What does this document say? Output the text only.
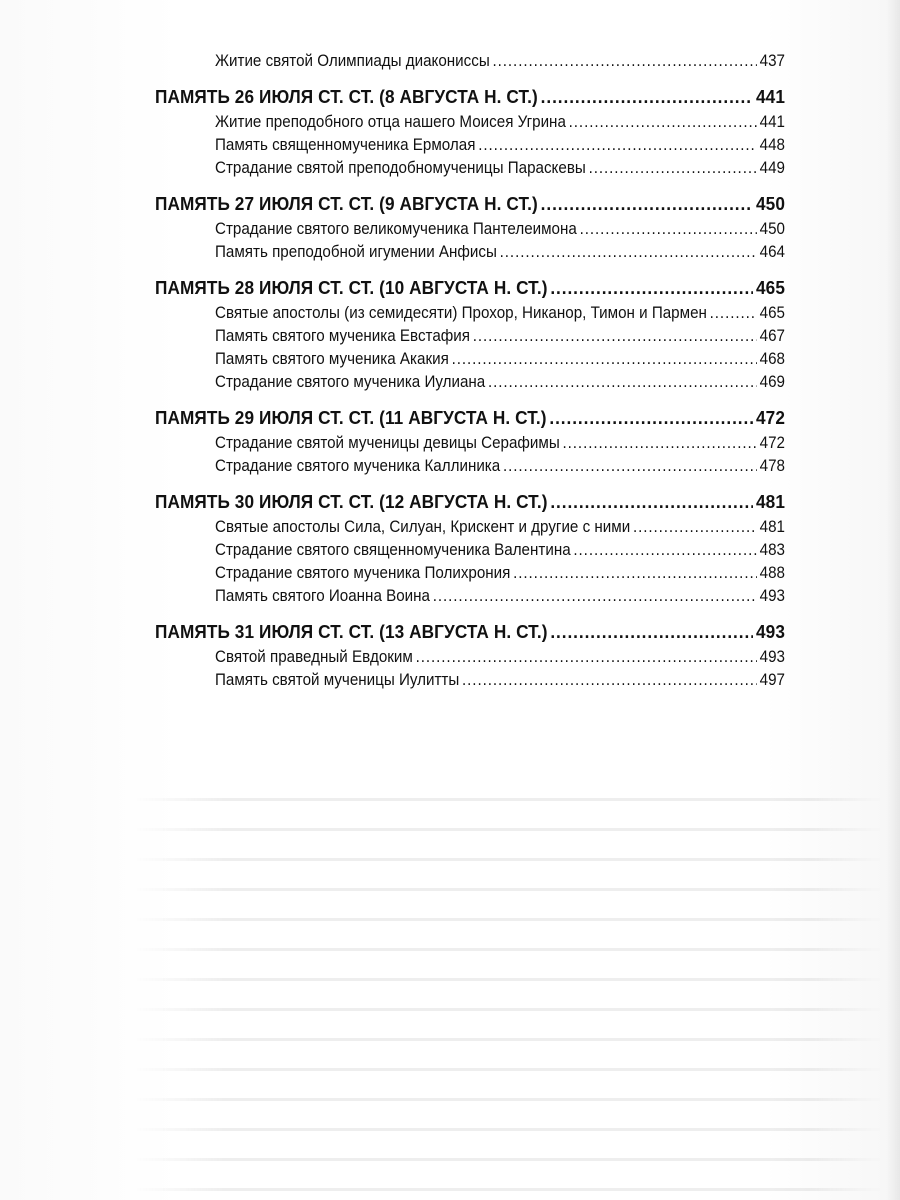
Житие святой Олимпиады диакониссы .....	437
ПАМЯТЬ 26 ИЮЛЯ СТ. СТ. (8 АВГУСТА Н. СТ.) .....	441
Житие преподобного отца нашего Моисея Угрина .....	441
Память священномученика Ермолая .....	448
Страдание святой преподобномученицы Параскевы .....	449
ПАМЯТЬ 27 ИЮЛЯ СТ. СТ. (9 АВГУСТА Н. СТ.) .....	450
Страдание святого великомученика Пантелеимона .....	450
Память преподобной игумении Анфисы .....	464
ПАМЯТЬ 28 ИЮЛЯ СТ. СТ. (10 АВГУСТА Н. СТ.) .....	465
Святые апостолы (из семидесяти) Прохор, Никанор, Тимон и Пармен .....	465
Память святого мученика Евстафия .....	467
Память святого мученика Акакия .....	468
Страдание святого мученика Иулиана .....	469
ПАМЯТЬ 29 ИЮЛЯ СТ. СТ. (11 АВГУСТА Н. СТ.) .....	472
Страдание святой мученицы девицы Серафимы .....	472
Страдание святого мученика Каллиника .....	478
ПАМЯТЬ 30 ИЮЛЯ СТ. СТ. (12 АВГУСТА Н. СТ.) .....	481
Святые апостолы Сила, Силуан, Крискент и другие с ними .....	481
Страдание святого священномученика Валентина .....	483
Страдание святого мученика Полихрония .....	488
Память святого Иоанна Воина .....	493
ПАМЯТЬ 31 ИЮЛЯ СТ. СТ. (13 АВГУСТА Н. СТ.) .....	493
Святой праведный Евдоким .....	493
Память святой мученицы Иулитты .....	497
